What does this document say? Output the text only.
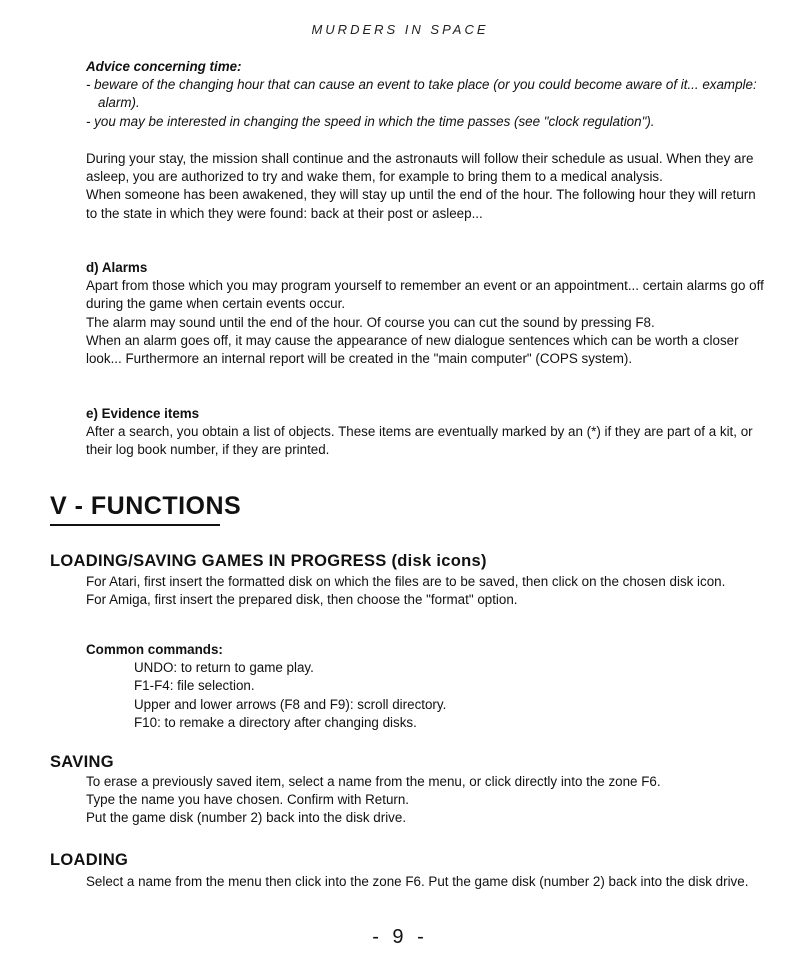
MURDERS IN SPACE

Advice concerning time:

- beware of the changing hour that can cause an event to take place (or you could become aware of it... example: alarm).

- you may be interested in changing the speed in which the time passes (see "clock regulation").

During your stay, the mission shall continue and the astronauts will follow their schedule as usual. When they are asleep, you are authorized to try and wake them, for example to bring them to a medical analysis.

When someone has been awakened, they will stay up until the end of the hour. The following hour they will return to the state in which they were found: back at their post or asleep...

d) Alarms

Apart from those which you may program yourself to remember an event or an appointment... certain alarms go off during the game when certain events occur.

The alarm may sound until the end of the hour. Of course you can cut the sound by pressing F8.

When an alarm goes off, it may cause the appearance of new dialogue sentences which can be worth a closer look... Furthermore an internal report will be created in the "main computer" (COPS system).

e) Evidence items

After a search, you obtain a list of objects. These items are eventually marked by an (*) if they are part of a kit, or their log book number, if they are printed.

V - FUNCTIONS
LOADING/SAVING GAMES IN PROGRESS (disk icons)

For Atari, first insert the formatted disk on which the files are to be saved, then click on the chosen disk icon.

For Amiga, first insert the prepared disk, then choose the "format" option.

Common commands:

UNDO: to return to game play.

F1-F4: file selection.

Upper and lower arrows (F8 and F9): scroll directory.

F10: to remake a directory after changing disks.

SAVING

To erase a previously saved item, select a name from the menu, or click directly into the zone F6.

Type the name you have chosen. Confirm with Return.

Put the game disk (number 2) back into the disk drive.

LOADING

Select a name from the menu then click into the zone F6. Put the game disk (number 2) back into the disk drive.

- 9 -
